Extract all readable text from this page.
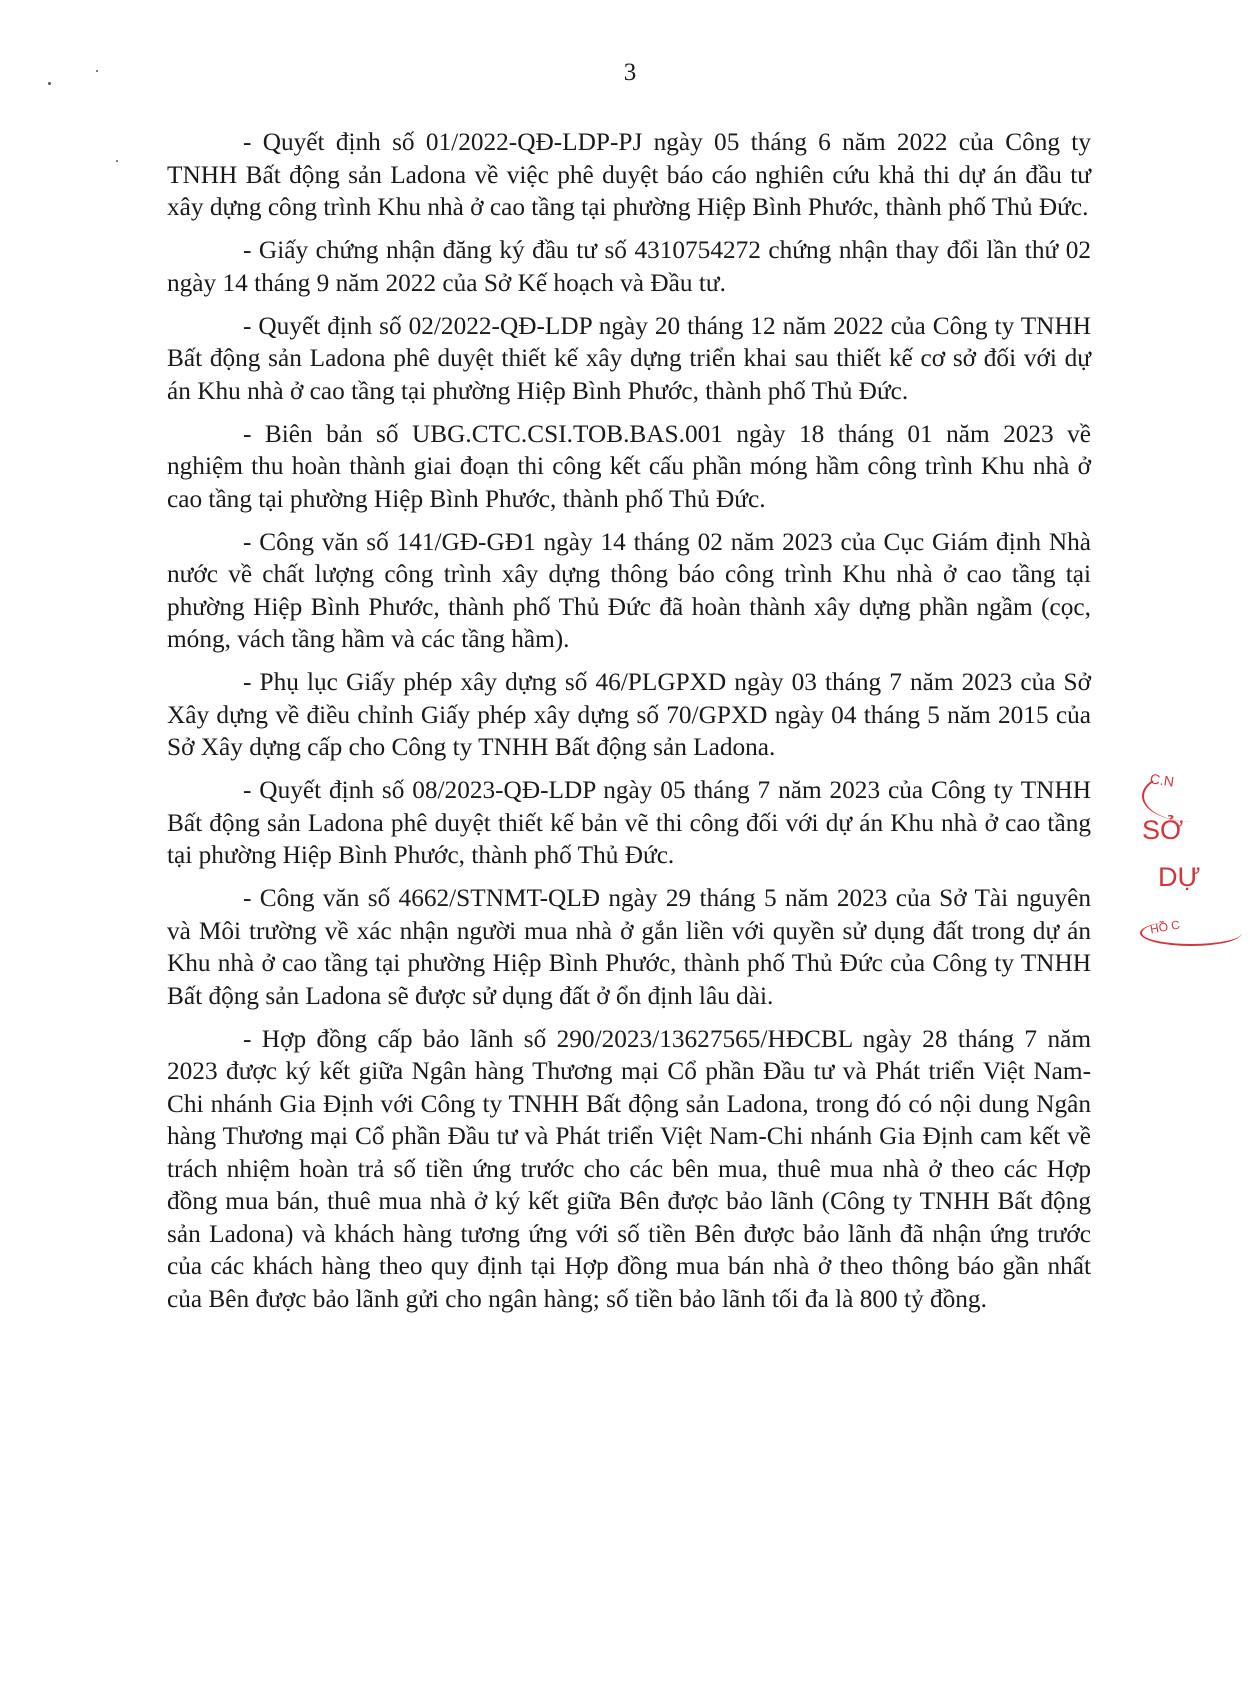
3

- Quyết định số 01/2022-QĐ-LDP-PJ ngày 05 tháng 6 năm 2022 của Công ty TNHH Bất động sản Ladona về việc phê duyệt báo cáo nghiên cứu khả thi dự án đầu tư xây dựng công trình Khu nhà ở cao tầng tại phường Hiệp Bình Phước, thành phố Thủ Đức.

- Giấy chứng nhận đăng ký đầu tư số 4310754272 chứng nhận thay đổi lần thứ 02 ngày 14 tháng 9 năm 2022 của Sở Kế hoạch và Đầu tư.

- Quyết định số 02/2022-QĐ-LDP ngày 20 tháng 12 năm 2022 của Công ty TNHH Bất động sản Ladona phê duyệt thiết kế xây dựng triển khai sau thiết kế cơ sở đối với dự án Khu nhà ở cao tầng tại phường Hiệp Bình Phước, thành phố Thủ Đức.

- Biên bản số UBG.CTC.CSI.TOB.BAS.001 ngày 18 tháng 01 năm 2023 về nghiệm thu hoàn thành giai đoạn thi công kết cấu phần móng hầm công trình Khu nhà ở cao tầng tại phường Hiệp Bình Phước, thành phố Thủ Đức.

- Công văn số 141/GĐ-GĐ1 ngày 14 tháng 02 năm 2023 của Cục Giám định Nhà nước về chất lượng công trình xây dựng thông báo công trình Khu nhà ở cao tầng tại phường Hiệp Bình Phước, thành phố Thủ Đức đã hoàn thành xây dựng phần ngầm (cọc, móng, vách tầng hầm và các tầng hầm).

- Phụ lục Giấy phép xây dựng số 46/PLGPXD ngày 03 tháng 7 năm 2023 của Sở Xây dựng về điều chỉnh Giấy phép xây dựng số 70/GPXD ngày 04 tháng 5 năm 2015 của Sở Xây dựng cấp cho Công ty TNHH Bất động sản Ladona.

- Quyết định số 08/2023-QĐ-LDP ngày 05 tháng 7 năm 2023 của Công ty TNHH Bất động sản Ladona phê duyệt thiết kế bản vẽ thi công đối với dự án Khu nhà ở cao tầng tại phường Hiệp Bình Phước, thành phố Thủ Đức.

- Công văn số 4662/STNMT-QLĐ ngày 29 tháng 5 năm 2023 của Sở Tài nguyên và Môi trường về xác nhận người mua nhà ở gắn liền với quyền sử dụng đất trong dự án Khu nhà ở cao tầng tại phường Hiệp Bình Phước, thành phố Thủ Đức của Công ty TNHH Bất động sản Ladona sẽ được sử dụng đất ở ổn định lâu dài.

- Hợp đồng cấp bảo lãnh số 290/2023/13627565/HĐCBL ngày 28 tháng 7 năm 2023 được ký kết giữa Ngân hàng Thương mại Cổ phần Đầu tư và Phát triển Việt Nam-Chi nhánh Gia Định với Công ty TNHH Bất động sản Ladona, trong đó có nội dung Ngân hàng Thương mại Cổ phần Đầu tư và Phát triển Việt Nam-Chi nhánh Gia Định cam kết về trách nhiệm hoàn trả số tiền ứng trước cho các bên mua, thuê mua nhà ở theo các Hợp đồng mua bán, thuê mua nhà ở ký kết giữa Bên được bảo lãnh (Công ty TNHH Bất động sản Ladona) và khách hàng tương ứng với số tiền Bên được bảo lãnh đã nhận ứng trước của các khách hàng theo quy định tại Hợp đồng mua bán nhà ở theo thông báo gần nhất của Bên được bảo lãnh gửi cho ngân hàng; số tiền bảo lãnh tối đa là 800 tỷ đồng.

C.N
SỞ
DỰ
HỒ C
